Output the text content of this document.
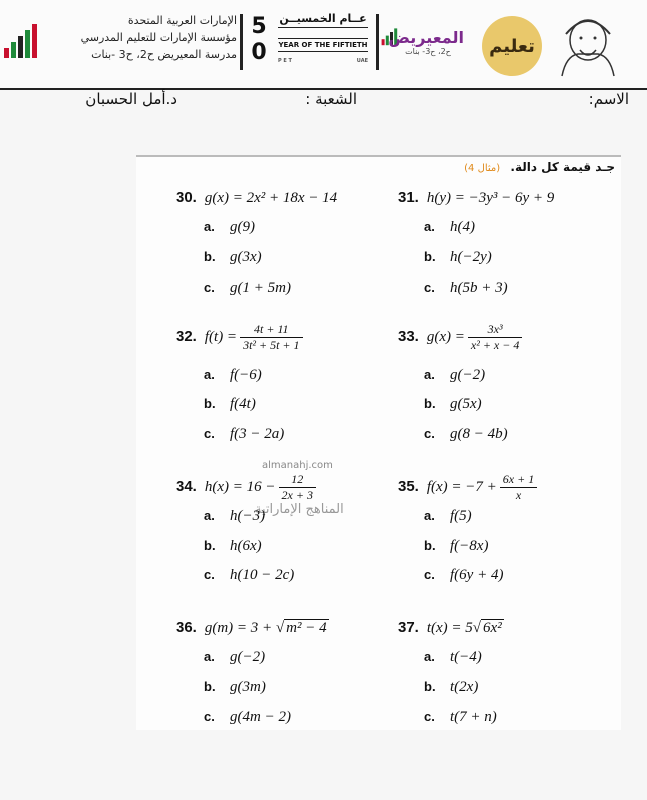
الإمارات العربية المتحدة
مؤسسة الإمارات للتعليم المدرسي
مدرسة المعيريض ح2، ح3 -بنات
5
0
عــام الخمسيــن
YEAR OF THE FIFTIETH
P E T	UAE
المعيريض
ح2، ح3- بنات	تعليم
الاسم:
الشعبة :
د.أمل الحسبان
جـد قيمة كل دالة. (مثال 4)
30. g(x) = 2x² + 18x − 14
a. g(9)
b. g(3x)
c. g(1 + 5m)
31. h(y) = −3y³ − 6y + 9
a. h(4)
b. h(−2y)
c. h(5b + 3)
32. $f(t) = \frac{4t + 11}{\text{3t² + 5t + 1}}$
a. f(−6)
b. f(4t)
c. f(3 − 2a)
33. $g(x) = \frac{\text{3x³}}{\text{x² + x − 4}}$
a. g(−2)
b. g(5x)
c. g(8 − 4b)
almanahj.com
المناهج الإماراتية
34. $h(x) = 16 - \frac{12}{2x + 3}$
a. h(−3)
b. h(6x)
c. h(10 − 2c)
35. $f(x) = -7 + \frac{6x + 1}{x}$
a. f(5)
b. f(−8x)
c. f(6y + 4)
36. g(m) = 3 + √ m² − 4
a. g(−2)
b. g(3m)
c. g(4m − 2)
37. t(x) = 5√ 6x²
a. t(−4)
b. t(2x)
c. t(7 + n)
